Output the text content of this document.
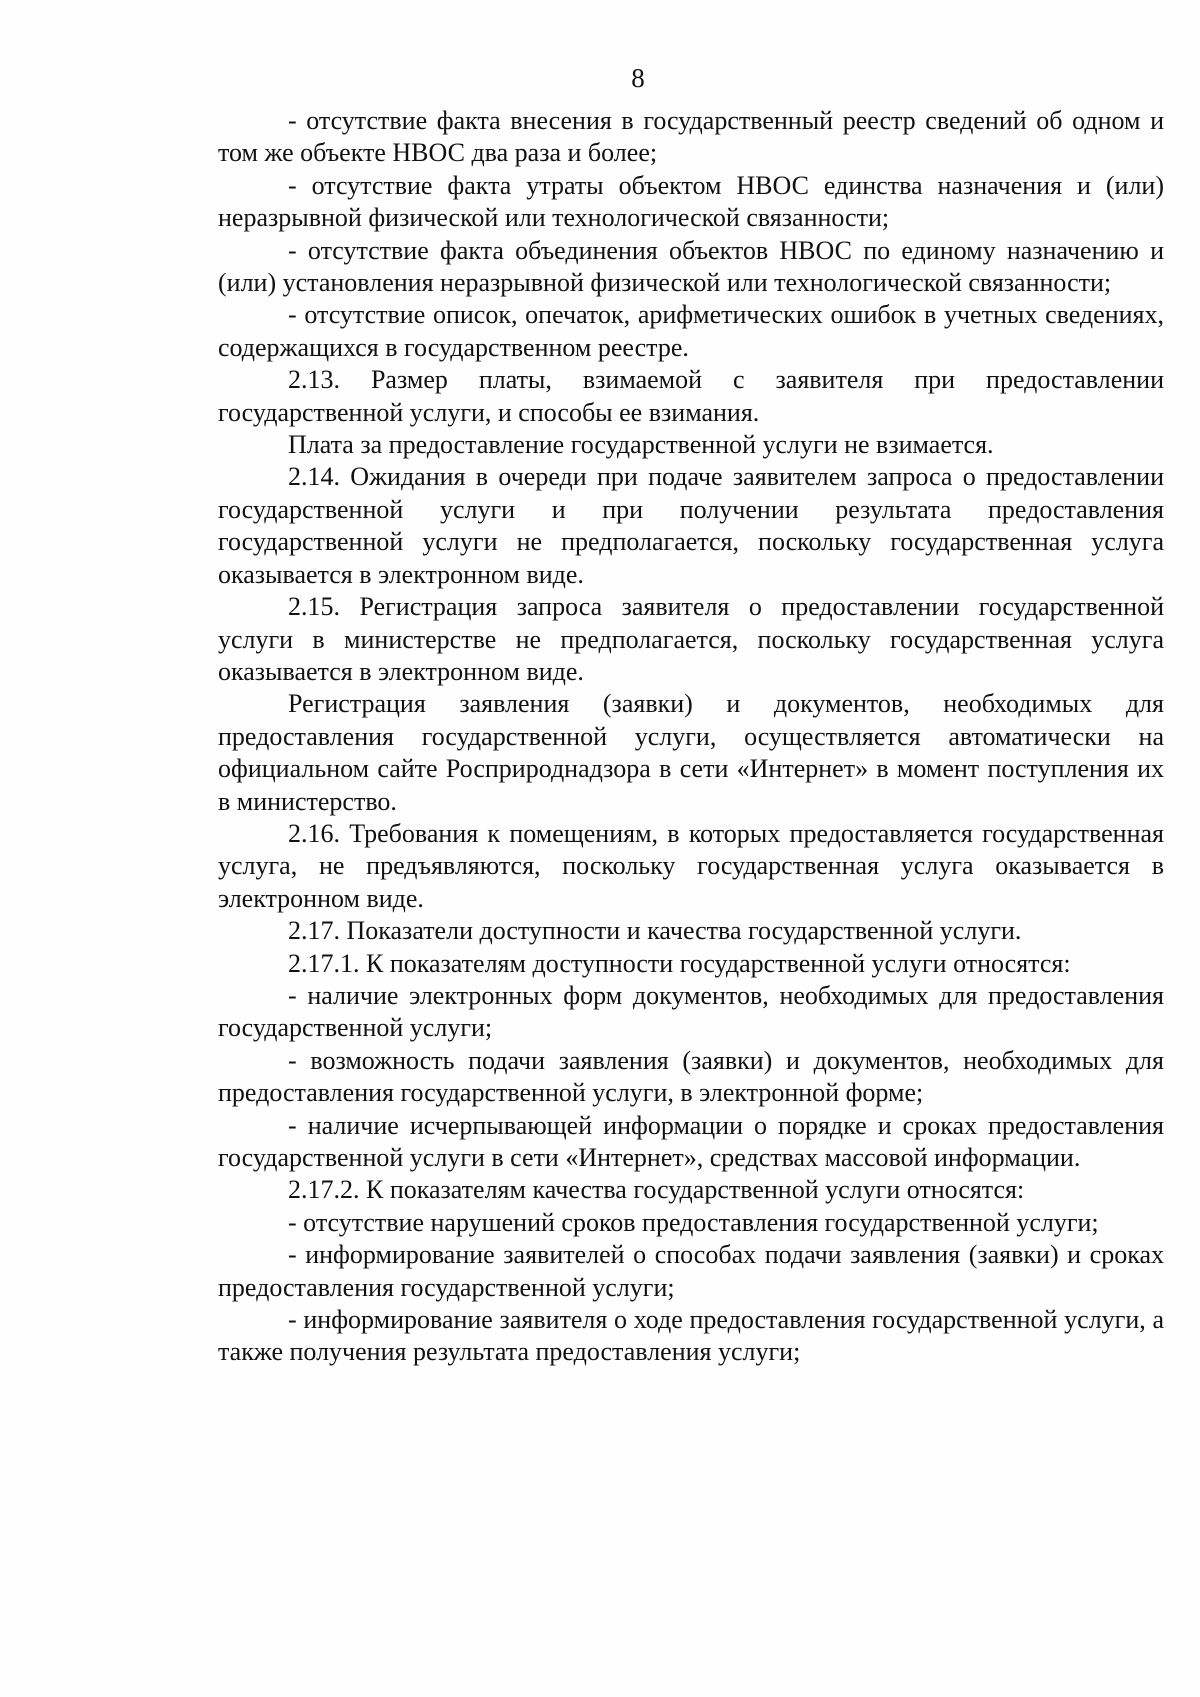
8

- отсутствие факта внесения в государственный реестр сведений об одном и том же объекте НВОС два раза и более;

- отсутствие факта утраты объектом НВОС единства назначения и (или) неразрывной физической или технологической связанности;

- отсутствие факта объединения объектов НВОС по единому назначению и (или) установления неразрывной физической или технологической связанности;

- отсутствие описок, опечаток, арифметических ошибок в учетных сведениях, содержащихся в государственном реестре.

2.13. Размер платы, взимаемой с заявителя при предоставлении государственной услуги, и способы ее взимания.

Плата за предоставление государственной услуги не взимается.

2.14. Ожидания в очереди при подаче заявителем запроса о предоставлении государственной услуги и при получении результата предоставления государственной услуги не предполагается, поскольку государственная услуга оказывается в электронном виде.

2.15. Регистрация запроса заявителя о предоставлении государственной услуги в министерстве не предполагается, поскольку государственная услуга оказывается в электронном виде.

Регистрация заявления (заявки) и документов, необходимых для предоставления государственной услуги, осуществляется автоматически на официальном сайте Росприроднадзора в сети «Интернет» в момент поступления их в министерство.

2.16. Требования к помещениям, в которых предоставляется государственная услуга, не предъявляются, поскольку государственная услуга оказывается в электронном виде.

2.17. Показатели доступности и качества государственной услуги.

2.17.1. К показателям доступности государственной услуги относятся:

- наличие электронных форм документов, необходимых для предоставления государственной услуги;

- возможность подачи заявления (заявки) и документов, необходимых для предоставления государственной услуги, в электронной форме;

- наличие исчерпывающей информации о порядке и сроках предоставления государственной услуги в сети «Интернет», средствах массовой информации.

2.17.2. К показателям качества государственной услуги относятся:

- отсутствие нарушений сроков предоставления государственной услуги;

- информирование заявителей о способах подачи заявления (заявки) и сроках предоставления государственной услуги;

- информирование заявителя о ходе предоставления государственной услуги, а также получения результата предоставления услуги;
